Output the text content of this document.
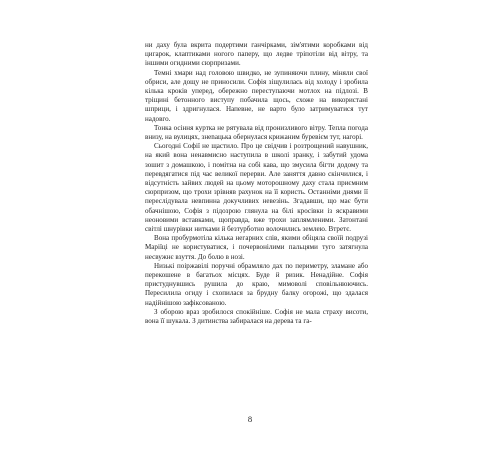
ни даху була вкрита подертими ганчірками, зім'ятими коробками від цигарок, клаптиками ногого паперу, що ледве тріпотіли від вітру, та іншими огидними сюрпризами.

Темні хмари над головою швидко, не зупиняючи плину, міняли свої обриси, але дощу не приносили. Софія зіщулилась від холоду і зробила кілька кроків уперед, обережно переступаючи мотлох на підлозі. В тріщині бетонного виступу побачила щось, схоже на використані шприци, і здригнулася. Напевне, не варто було затримуватися тут надовго.

Тонка осіння куртка не рятувала від пронизливого вітру. Тепла погода внизу, на вулицях, знenацька обернулася крижаним буревієм тут, нагорі.

Сьогодні Софії не щастило. Про це свідчив і розтрощений навушник, на який вона ненавмисно наступила в школі зранку, і забутий удома зошит з домашкою, і помітна на собі кава, що змусила бігти додому та перевдягатися під час великої перерви. Але заняття давно скінчилися, і відсутність зайвих людей на цьому моторошному даху стала приємним сюрпризом, що трохи зрівняв рахунок на її користь. Останніми днями її переслідувала невпинна докучливих невезінь. Згадавши, що має бути обачнішою, Софія з підозрою глянула на білі кросівки із яскравими неоновими вставками, щоправда, вже трохи заплямленими. Затонтані світлі шнурівки нитками й безтурботно волочились землею. Втретє.

Вона пробурмотіла кілька негарних слів, якими обіцяла своїй подрузі Маріїці не користуватися, і почервонілими пальцями туго затягнула несвужнє взуття. До болю в нозі.

Низькі поіржавілі поручні обрамляло дах по периметру, зламане або перекошене в багатьох місцях. Буде й ризик. Ненадійне. Софія пристуднувшись рушила до краю, мимоволі сповільнюючись. Пересилила огиду і схопилася за брудну балку огорожі, що здалася надійнішою зафіксованою.

З оборою враз зробилося спокійніше. Софія не мала страху висоти, вона її шукала. З дитинства забиралася на дерева та га-

8
